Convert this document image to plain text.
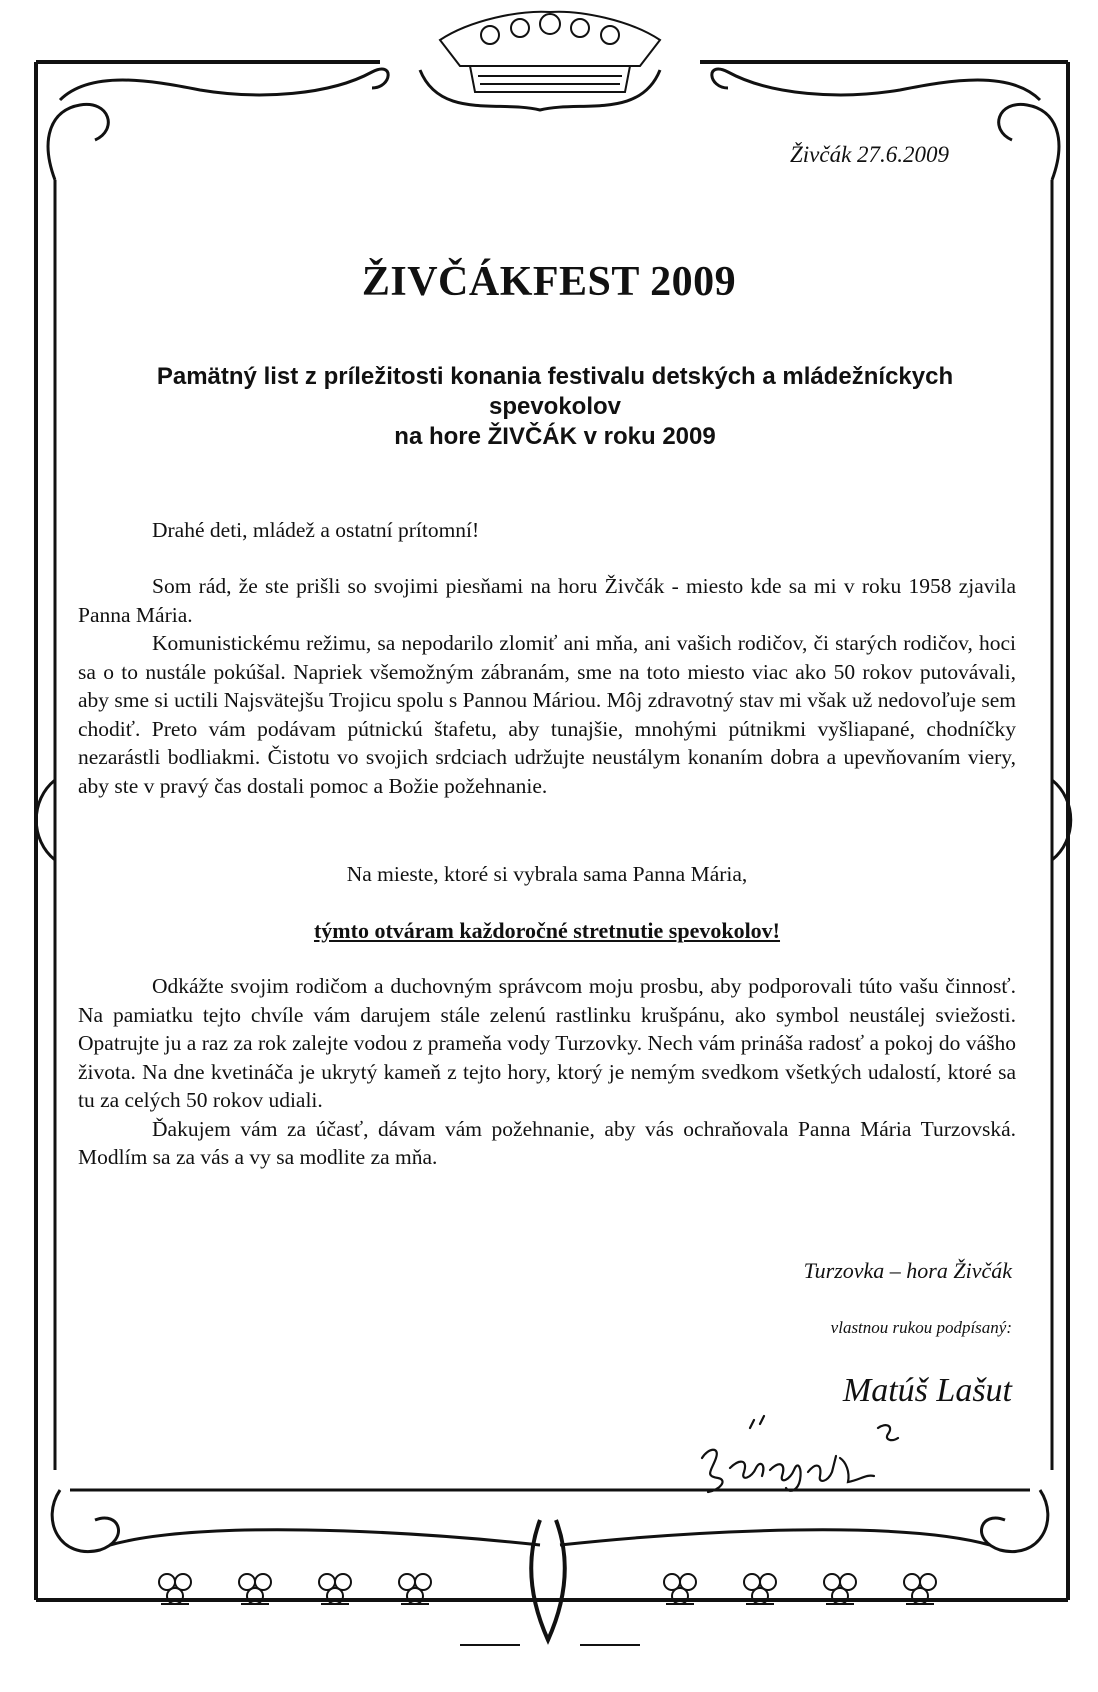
Živčák 27.6.2009
ŽIVČÁKFEST 2009
Pamätný list z príležitosti konania festivalu detských a mládežníckych
spevokolov
na hore ŽIVČÁK v roku 2009
Drahé deti, mládež a ostatní prítomní!
Som rád, že ste prišli so svojimi piesňami na horu Živčák - miesto kde sa mi v roku 1958 zjavila Panna Mária.
Komunistickému režimu, sa nepodarilo zlomiť ani mňa, ani vašich rodičov, či starých rodičov, hoci sa o to nustále pokúšal. Napriek všemožným zábranám, sme na toto miesto viac ako 50 rokov putovávali, aby sme si uctili Najsvätejšu Trojicu spolu s Pannou Máriou. Môj zdravotný stav mi však už nedovoľuje sem chodiť. Preto vám podávam pútnickú štafetu, aby tunajšie, mnohými pútnikmi vyšliapané, chodníčky nezarástli bodliakmi. Čistotu vo svojich srdciach udržujte neustálym konaním dobra a upevňovaním viery, aby ste v pravý čas dostali pomoc a Božie požehnanie.
Na mieste, ktoré si vybrala sama Panna Mária,
týmto otváram každoročné stretnutie spevokolov!
Odkážte svojim rodičom a duchovným správcom moju prosbu, aby podporovali túto vašu činnosť. Na pamiatku tejto chvíle vám darujem stále zelenú rastlinku krušpánu, ako symbol neustálej sviežosti. Opatrujte ju a raz za rok zalejte vodou z prameňa vody Turzovky. Nech vám prináša radosť a pokoj do vášho života. Na dne kvetináča je ukrytý kameň z tejto hory, ktorý je nemým svedkom všetkých udalostí, ktoré sa tu za celých 50 rokov udiali.
Ďakujem vám za účasť, dávam vám požehnanie, aby vás ochraňovala Panna Mária Turzovská. Modlím sa za vás a vy sa modlite za mňa.
Turzovka – hora Živčák
vlastnou rukou podpísaný:
Matúš Lašut
